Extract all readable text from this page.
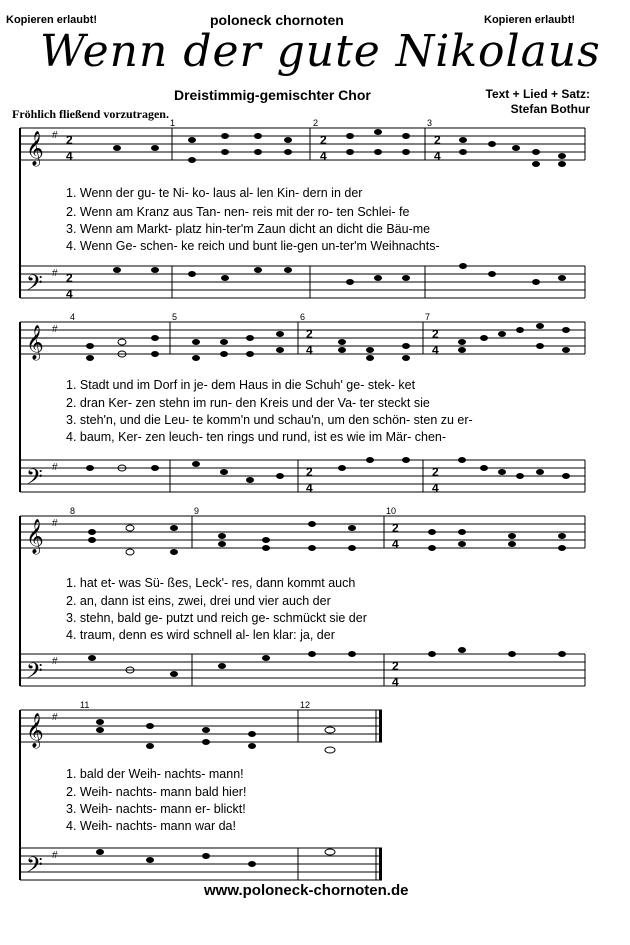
Kopieren erlaubt!	poloneck chornoten	Kopieren erlaubt!
Wenn der gute Nikolaus
Dreistimmig-gemischter Chor	Text + Lied + Satz:
Stefan Bothur
Fröhlich fließend vorzutragen.
𝄞
𝄢
#
#
2
4
2
4
2
4
2
4
1	2	3
1. Wenn der gu- te Ni- ko- laus al- len Kin- dern in der
2. Wenn am Kranz aus Tan- nen- reis mit der ro- ten Schlei- fe
3. Wenn am Markt- platz hin-ter'm Zaun dicht an dicht die Bäu-me
4. Wenn Ge- schen- ke reich und bunt lie-gen un-ter'm Weihnachts-
𝄞
𝄢
#
#
2
4
2
4
2
4
2
4
4	5	6	7
1. Stadt und im Dorf in je- dem Haus in die Schuh' ge- stek- ket
2. dran Ker- zen stehn im run- den Kreis und der Va- ter steckt sie
3. steh'n, und die Leu- te komm'n und schau'n, um den schön- sten zu er-
4. baum, Ker- zen leuch- ten rings und rund, ist es wie im Mär- chen-
𝄞
𝄢
#
#
2
4
2
4
8	9	10
1. hat et- was Sü- ßes, Leck'- res, dann kommt auch
2. an, dann ist eins, zwei, drei und vier auch der
3. stehn, bald ge- putzt und reich ge- schmückt sie der
4. traum, denn es wird schnell al- len klar: ja, der
𝄞
𝄢
#
#
11	12
1. bald der Weih- nachts- mann!
2. Weih- nachts- mann bald hier!
3. Weih- nachts- mann er- blickt!
4. Weih- nachts- mann war da!
www.poloneck-chornoten.de
